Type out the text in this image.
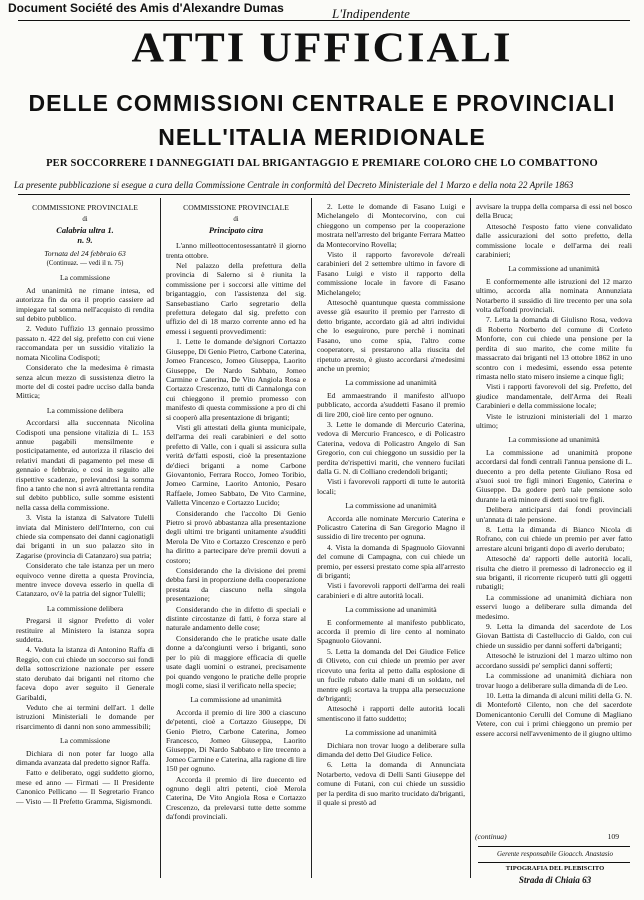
Document Société des Amis d'Alexandre Dumas	L'Indipendente
ATTI UFFICIALI
DELLE COMMISSIONI CENTRALE E PROVINCIALI
NELL'ITALIA MERIDIONALE
PER SOCCORRERE I DANNEGGIATI DAL BRIGANTAGGIO E PREMIARE COLORO CHE LO COMBATTONO
La presente pubblicazione si esegue a cura della Commissione Centrale in conformità del Decreto Ministeriale del 1 Marzo e della nota 22 Aprile 1863

COMMISSIONE PROVINCIALE

di

Calabria ultra 1.

n. 9.

Tornata del 24 febbraio 63

(Continuaz. — vedi il n. 75)

La commissione

Ad unanimità ne rimane intesa, ed autorizza fin da ora il proprio cassiere ad impiegare tal somma nell'acquisto di rendita sul debito pubblico.

2. Veduto l'uffizio 13 gennaio prossimo passato n. 422 del sig. prefetto con cui viene raccomandata per un sussidio vitalizio la nomata Nicolina Codispoti;

Considerato che la medesima è rimasta senza alcun mezzo di sussistenza dietro la morte del di costei padre ucciso dalla banda Mittica;

La commissione delibera

Accordarsi alla succennata Nicolina Codispoti una pensione vitalizia di L. 153 annue pagabili mensilmente e posticipatamente, ed autorizza il rilascio dei relativi mandati di pagamento pel mese di gennaio e febbraio, e così in seguito alle rispettive scadenze, prelevandosi la somma fino a tanto che non si avrà altrettanta rendita sul debito pubblico, sulle somme esistenti nella cassa della commissione.

3. Vista la istanza di Salvatore Tulelli inviata dal Ministero dell'Interno, con cui chiede sia compensato dei danni cagionatigli dai briganti in un suo palazzo sito in Zagarise (provincia di Catanzaro) sua patria;

Considerato che tale istanza per un mero equivoco venne diretta a questa Provincia, mentre invece doveva esserlo in quella di Catanzaro, ov'è la patria del signor Tulelli;

La commissione delibera

Pregarsi il signor Prefetto di voler restituire al Ministero la istanza sopra suddetta.

4. Veduta la istanza di Antonino Raffa di Reggio, con cui chiede un soccorso sui fondi della sottoscrizione nazionale per essere stato derubato dai briganti nel ritorno che faceva dopo aver seguito il Generale Garibaldi,

Veduto che ai termini dell'art. 1 delle istruzioni Ministeriali le domande per risarcimento di danni non sono ammessibili;

La commissione

Dichiara di non poter far luogo alla dimanda avanzata dal predetto signor Raffa.

Fatto e deliberato, oggi suddetto giorno, mese ed anno — Firmati — Il Presidente Canonico Pellicano — Il Segretario Franco — Visto — Il Prefetto Gramma, Sigismondi.

COMMISSIONE PROVINCIALE

di

Principato citra

L'anno milleottocentosessantatrè il giorno trenta ottobre.

Nel palazzo della prefettura della provincia di Salerno si è riunita la commissione per i soccorsi alle vittime del brigantaggio, con l'assistenza del sig. Sansebastiano Carlo segretario della prefettura delegato dal sig. prefetto con uffizio del di 18 marzo corrente anno ed ha emessi i seguenti provvedimenti:

1. Lette le domande de'signori Cortazzo Giuseppe, Di Genio Pietro, Carbone Caterina, Jomeo Francesco, Jomeo Giuseppa, Laorito Giuseppe, De Nardo Sabbato, Jomeo Carmine e Caterina, De Vito Angiola Rosa e Cortazzo Crescenzo, tutti di Cannalonga con cui chieggono il premio promesso con manifesto di questa commissione a pro di chi si cooperò alla presentazione di briganti;

Visti gli attestati della giunta municipale, dell'arma dei reali carabinieri e del sotto prefetto di Valle, con i quali si assicura sulla verità de'fatti esposti, cioè la presentazione de'dieci briganti a nome Carbone Giovantonio, Ferrara Rocco, Jomeo Toribio, Jomeo Carmine, Laorito Antonio, Pesaro Raffaele, Jomeo Sabbato, De Vito Carmine, Valletta Vincenzo e Cortazzo Lucido;

Considerando che l'accolto Di Genio Pietro si provò abbastanza alla presentazione degli ultimi tre briganti unitamente a'sudditi Merola De Vito e Cortazzo Crescenzo e però ha diritto a partecipare de're premii dovuti a costoro;

Considerando che la divisione dei premi debba farsi in proporzione della cooperazione prestata da ciascuno nella singola presentazione;

Considerando che in difetto di speciali e distinte circostanze di fatti, è forza stare al naturale andamento delle cose;

Considerando che le pratiche usate dalle donne a da'congiunti verso i briganti, sono per lo più di maggiore efficacia di quelle usate dagli uomini o estranei, precisamente poi quando vengono le pratiche delle proprie mogli come, siasi il verificato nella specie;

La commissione ad unanimità

Accorda il premio di lire 300 a ciascuno de'petenti, cioè a Cortazzo Giuseppe, Di Genio Pietro, Carbone Caterina, Jomeo Francesco, Jomeo Giuseppa, Laorito Giuseppe, Di Nardo Sabbato e lire trecento a Jomeo Carmine e Caterina, alla ragione di lire 150 per ognuno.

Accorda il premio di lire duecento ed ognuno degli altri petenti, cioè Merola Caterina, De Vito Angiola Rosa e Cortazzo Crescenzo, da prelevarsi tutte dette somme da'fondi provinciali.

2. Lette le domande di Fasano Luigi e Michelangelo di Montecorvino, con cui chieggono un compenso per la cooperazione mostrata nell'arresto del brigante Ferrara Matteo da Montecorvino Rovella;

Visto il rapporto favorevole de'reali carabinieri del 2 settembre ultimo in favore di Fasano Luigi e visto il rapporto della commissione locale in favore di Fasano Michelangelo;

Attesochè quantunque questa commissione avesse già esaurito il premio per l'arresto di detto brigante, accordato già ad altri individui che lo eseguirono, pure perchè i nominati Fasano, uno come spia, l'altro come cooperatore, si prestarono alla riuscita del ripetuto arresto, è giusto accordarsi a'medesimi anche un premio;

La commissione ad unanimità

Ed ammaestrando il manifesto all'uopo pubblicato, accorda a'suddetti Fasano il premio di lire 200, cioè lire cento per ognuno.

3. Lette le domande di Mercurio Caterina, vedova di Mercurio Francesco, e di Policastro Caterina, vedova di Policastro Angelo di San Gregorio, con cui chieggono un sussidio per la perdita de'rispettivi mariti, che vennero fucilati dalla G. N. di Colliano credendoli briganti;

Visti i favorevoli rapporti di tutte le autorità locali;

La commissione ad unanimità

Accorda alle nominate Mercurio Caterina e Policastro Caterina di San Gregorio Magno il sussidio di lire trecento per ognuna.

4. Vista la domanda di Spagnuolo Giovanni del comune di Campagna, con cui chiede un premio, per essersi prestato come spia all'arresto di briganti;

Visti i favorevoli rapporti dell'arma dei reali carabinieri e di altre autorità locali.

La commissione ad unanimità

E conformemente al manifesto pubblicato, accorda il premio di lire cento al nominato Spagnuolo Giovanni.

5. Letta la domanda del Dei Giudice Felice di Oliveto, con cui chiede un premio per aver ricevuto una ferita al petto dalla esplosione di un fucile rubato dalle mani di un soldato, nel mentre egli scortava la truppa alla persecuzione de'briganti;

Attesochè i rapporti delle autorità locali smentiscono il fatto suddetto;

La commissione ad unanimità

Dichiara non trovar luogo a deliberare sulla dimanda del detto Del Giudice Felice.

6. Letta la domanda di Annunciata Notarberto, vedova di Delli Santi Giuseppe del comune di Futani, con cui chiede un sussidio per la perdita di suo marito trucidato da'briganti, il quale si prestò ad

avvisare la truppa della comparsa di essi nel bosco della Bruca;

Attesochè l'esposto fatto viene convalidato dalle assicurazioni del sotto prefetto, della commissione locale e dell'arma dei reali carabinieri;

La commissione ad unanimità

E conformemente alle istruzioni del 12 marzo ultimo, accorda alla nominata Annunziata Notarberto il sussidio di lire trecento per una sola volta da'fondi provinciali.

7. Letta la domanda di Giulisno Rosa, vedova di Roberto Norberto del comune di Corleto Monforte, con cui chiede una pensione per la perdita di suo marito, che come milite fu massacrato dai briganti nel 13 ottobre 1862 in uno scontro con i medesimi, essendo essa petente rimasta nello stato misero insieme a cinque figli;

Visti i rapporti favorevoli del sig. Prefetto, del giudice mandamentale, dell'Arma dei Reali Carabinieri e della commissione locale;

Viste le istruzioni ministeriali del 1 marzo ultimo;

La commissione ad unanimità

La commissione ad unanimità propone accordarsi dal fondi centrali l'annua pensione di L. duecento a pro della petente Giuliano Rosa ed a'suoi suoi tre figli minori Eugenio, Caterina e Giuseppe. Da godere però tale pensione solo durante la età minore di detti suoi tre figli.

Delibera anticiparsi dai fondi provinciali un'annata di tale pensione.

8. Letta la dimanda di Bianco Nicola di Rofrano, con cui chiede un premio per aver fatto arrestare alcuni briganti dopo di averlo derubato;

Attesochè da' rapporti delle autorità locali, risulta che dietro il premesso di ladroneccio eg il sua briganti, il ricorrente ricuperò tutti gli oggetti rubatigli;

La commissione ad unanimità dichiara non esservi luogo a deliberare sulla dimanda del medesimo.

9. Letta la dimanda del sacerdote de Los Giovan Battista di Castelluccio di Galdo, con cui chiede un sussidio per danni sofferti da'briganti;

Attesochè le istruzioni del 1 marzo ultimo non accordano sussidi pe' semplici danni sofferti;

La commissione ad unanimità dichiara non trovar luogo a deliberare sulla dimanda di de Leo.

10. Letta la dimanda di alcuni militi della G. N. di Montefortè Cilento, non che del sacerdote Domenicantonio Cerulli del Comune di Magliano Vetere, con cui i primi chieggono un premio per essere accorsi nell'avvenimento de il giugno ultimo

(continua)	109
Gerente responsabile Gioacch. Anastasio
TIPOGRAFIA DEL PLEBISCITO
Strada di Chiaia 63
